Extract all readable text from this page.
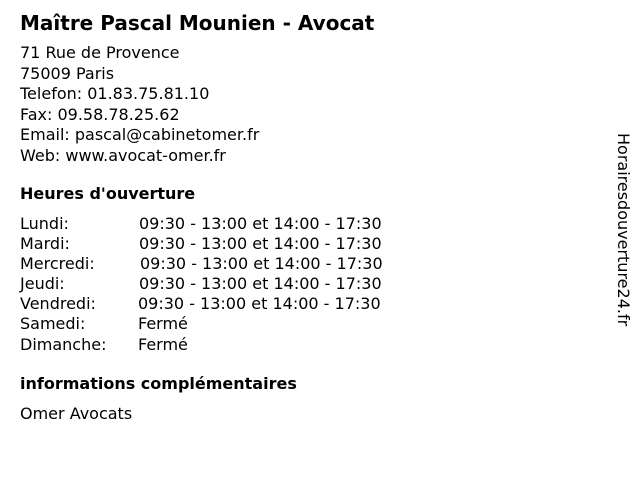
Maître Pascal Mounien - Avocat
71 Rue de Provence
75009 Paris
Telefon: 01.83.75.81.10
Fax: 09.58.78.25.62
Email: pascal@cabinetomer.fr
Web: www.avocat-omer.fr
Heures d'ouverture
Lundi:	09:30 - 13:00 et 14:00 - 17:30
Mardi:	09:30 - 13:00 et 14:00 - 17:30
Mercredi:	09:30 - 13:00 et 14:00 - 17:30
Jeudi:	09:30 - 13:00 et 14:00 - 17:30
Vendredi:	09:30 - 13:00 et 14:00 - 17:30
Samedi:	Fermé
Dimanche: Fermé
informations complémentaires
Omer Avocats
Horairesdouverture24.fr
